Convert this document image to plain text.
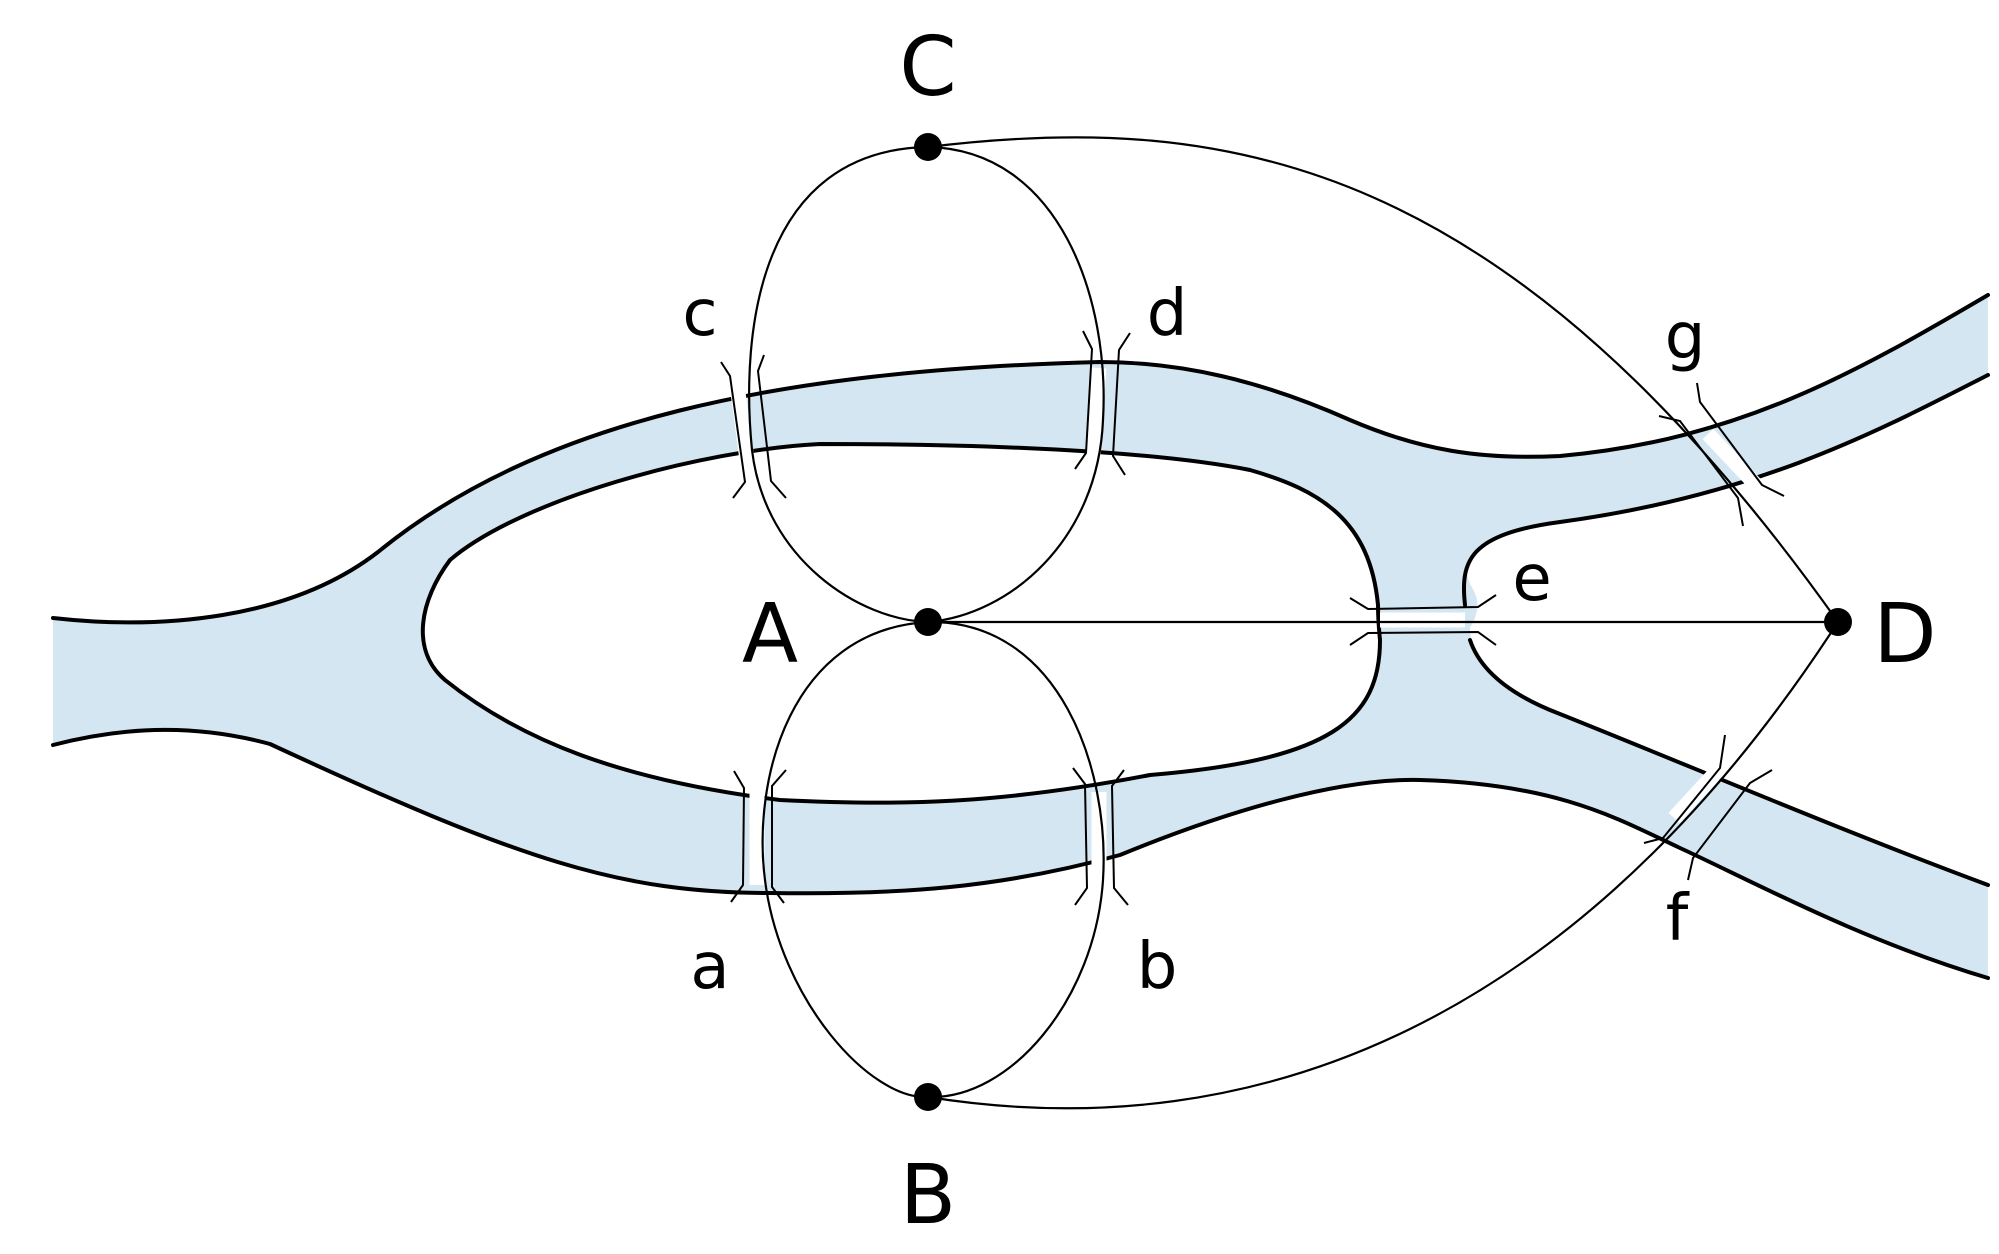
C
A
B
D
c	d
a	b
e
f
g
